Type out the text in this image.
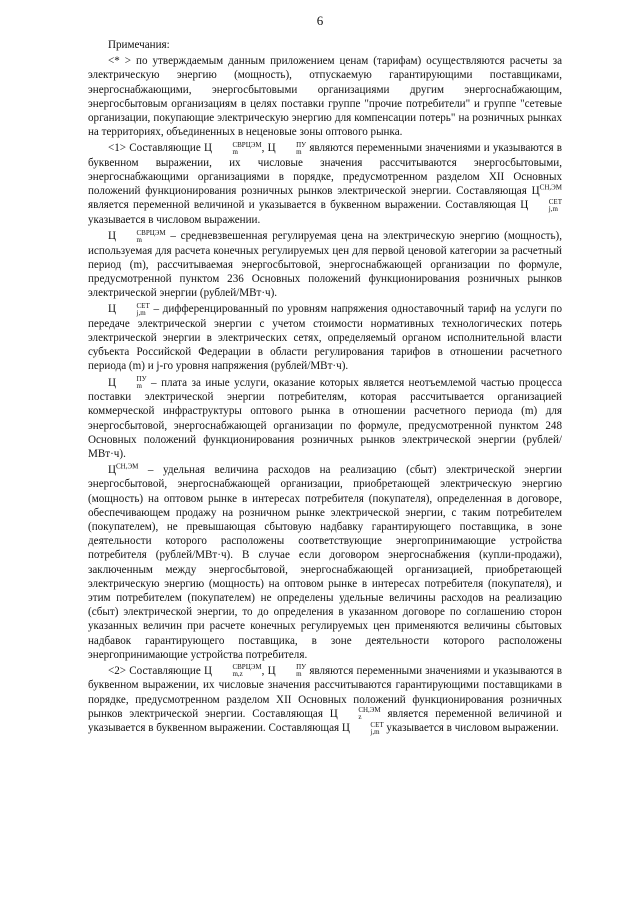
6

Примечания:

<* > по утверждаемым данным приложением ценам (тарифам) осуществляются расчеты за электрическую энергию (мощность), отпускаемую гарантирующими поставщиками, энергоснабжающими, энергосбытовыми организациями другим энергоснабжающим, энергосбытовым организациям в целях поставки группе "прочие потребители" и группе "сетевые организации, покупающие электрическую энергию для компенсации потерь" на розничных рынках на территориях, объединенных в неценовые зоны оптового рынка.

<1> Составляющие Ц	СВРЦЭМ
m	, Ц	ПУ
m являются переменными значениями и указываются в буквенном выражении, их числовые значения рассчитываются энергосбытовыми, энергоснабжающими организациями в порядке, предусмотренном разделом XII Основных положений функционирования розничных рынков электрической энергии. Составляющая $Ц^{СН,ЭМ}$ является переменной величиной и указывается в буквенном выражении. Составляющая Ц	СЕТ
j,m
указывается в числовом выражении.

Ц	СВРЦЭМ
m	– средневзвешенная регулируемая цена на электрическую энергию (мощность), используемая для расчета конечных регулируемых цен для первой ценовой категории за расчетный период (m), рассчитываемая энергосбытовой, энергоснабжающей организации по формуле, предусмотренной пунктом 236 Основных положений функционирования розничных рынков электрической энергии (рублей/МВт·ч).

Ц	СЕТ
j,m – дифференцированный по уровням напряжения одноставочный тариф на услуги по передаче электрической энергии с учетом стоимости нормативных технологических потерь электрической энергии в электрических сетях, определяемый органом исполнительной власти субъекта Российской Федерации в области регулирования тарифов в отношении расчетного периода (m) и j-го уровня напряжения (рублей/МВт·ч).

Ц	ПУ
m – плата за иные услуги, оказание которых является неотъемлемой частью процесса поставки электрической энергии потребителям, которая рассчитывается организацией коммерческой инфраструктуры оптового рынка в отношении расчетного периода (m) для энергосбытовой, энергоснабжающей организации по формуле, предусмотренной пунктом 248 Основных положений функционирования розничных рынков электрической энергии (рублей/МВт·ч).

$Ц^{СН,ЭМ}$ – удельная величина расходов на реализацию (сбыт) электрической энергии энергосбытовой, энергоснабжающей организации, приобретающей электрическую энергию (мощность) на оптовом рынке в интересах потребителя (покупателя), определенная в договоре, обеспечивающем продажу на розничном рынке электрической энергии, с таким потребителем (покупателем), не превышающая сбытовую надбавку гарантирующего поставщика, в зоне деятельности которого расположены соответствующие энергопринимающие устройства потребителя (рублей/МВт·ч). В случае если договором энергоснабжения (купли-продажи), заключенным между энергосбытовой, энергоснабжающей организацией, приобретающей электрическую энергию (мощность) на оптовом рынке в интересах потребителя (покупателя), и этим потребителем (покупателем) не определены удельные величины расходов на реализацию (сбыт) электрической энергии, то до определения в указанном договоре по соглашению сторон указанных величин при расчете конечных регулируемых цен применяются величины сбытовых надбавок гарантирующего поставщика, в зоне деятельности которого расположены энергопринимающие устройства потребителя.

<2> Составляющие Ц	СВРЦЭМ
m,z	, Ц	ПУ
m являются переменными значениями и указываются в буквенном выражении, их числовые значения рассчитываются гарантирующими поставщиками в порядке, предусмотренном разделом XII Основных положений функционирования розничных рынков электрической энергии. Составляющая Ц	СН,ЭМ
z	является переменной величиной и указывается в буквенном выражении. Составляющая Ц	СЕТ
j,m указывается в числовом выражении.
